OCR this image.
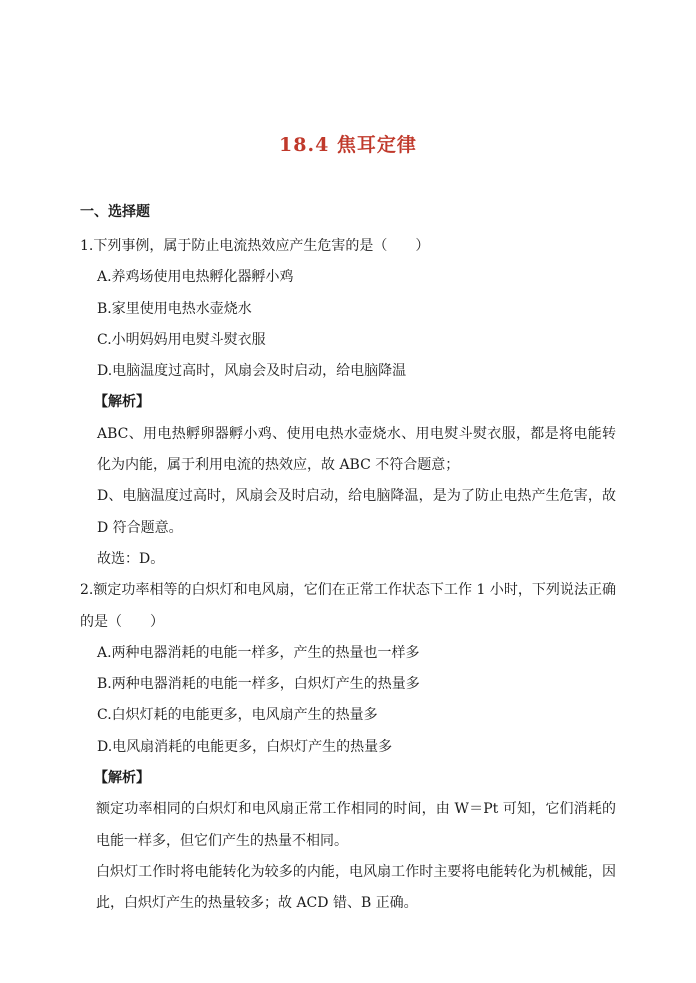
18.4 焦耳定律
一、选择题
1.下列事例，属于防止电流热效应产生危害的是（　　）
A.养鸡场使用电热孵化器孵小鸡
B.家里使用电热水壶烧水
C.小明妈妈用电熨斗熨衣服
D.电脑温度过高时，风扇会及时启动，给电脑降温
【解析】
ABC、用电热孵卵器孵小鸡、使用电热水壶烧水、用电熨斗熨衣服，都是将电能转化为内能，属于利用电流的热效应，故 ABC 不符合题意；
D、电脑温度过高时，风扇会及时启动，给电脑降温，是为了防止电热产生危害，故 D 符合题意。
故选：D。
2.额定功率相等的白炽灯和电风扇，它们在正常工作状态下工作 1 小时，下列说法正确的是（　　）
A.两种电器消耗的电能一样多，产生的热量也一样多
B.两种电器消耗的电能一样多，白炽灯产生的热量多
C.白炽灯耗的电能更多，电风扇产生的热量多
D.电风扇消耗的电能更多，白炽灯产生的热量多
【解析】
额定功率相同的白炽灯和电风扇正常工作相同的时间，由 W＝Pt 可知，它们消耗的电能一样多，但它们产生的热量不相同。
白炽灯工作时将电能转化为较多的内能，电风扇工作时主要将电能转化为机械能，因此，白炽灯产生的热量较多；故 ACD 错、B 正确。
